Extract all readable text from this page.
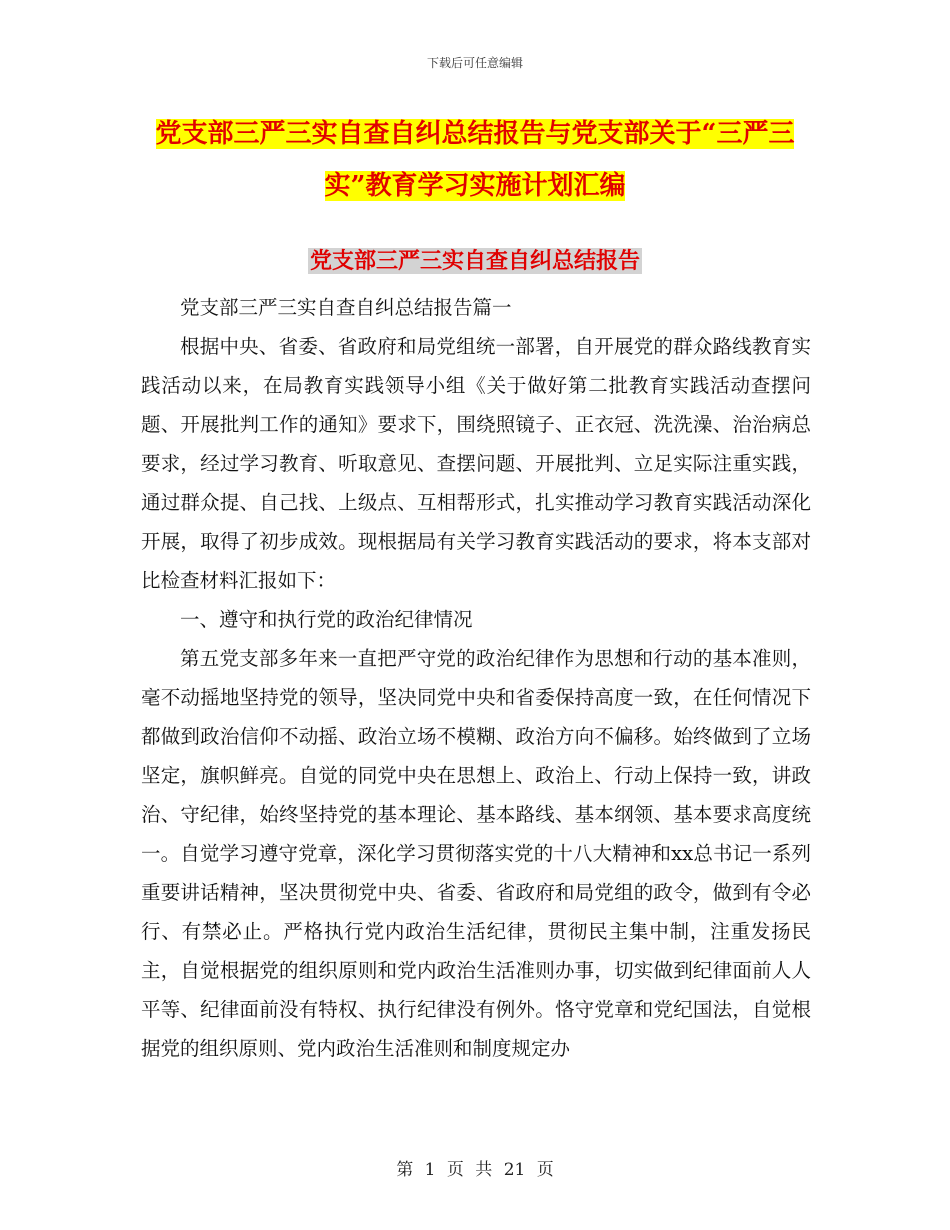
下载后可任意编辑
党支部三严三实自查自纠总结报告与党支部关于“三严三实”教育学习实施计划汇编
党支部三严三实自查自纠总结报告

党支部三严三实自查自纠总结报告篇一

根据中央、省委、省政府和局党组统一部署，自开展党的群众路线教育实践活动以来，在局教育实践领导小组《关于做好第二批教育实践活动查摆问题、开展批判工作的通知》要求下，围绕照镜子、正衣冠、洗洗澡、治治病总要求，经过学习教育、听取意见、查摆问题、开展批判、立足实际注重实践，通过群众提、自己找、上级点、互相帮形式，扎实推动学习教育实践活动深化开展，取得了初步成效。现根据局有关学习教育实践活动的要求，将本支部对比检查材料汇报如下：

一、遵守和执行党的政治纪律情况

第五党支部多年来一直把严守党的政治纪律作为思想和行动的基本准则，毫不动摇地坚持党的领导，坚决同党中央和省委保持高度一致，在任何情况下都做到政治信仰不动摇、政治立场不模糊、政治方向不偏移。始终做到了立场坚定，旗帜鲜亮。自觉的同党中央在思想上、政治上、行动上保持一致，讲政治、守纪律，始终坚持党的基本理论、基本路线、基本纲领、基本要求高度统一。自觉学习遵守党章，深化学习贯彻落实党的十八大精神和xx总书记一系列重要讲话精神，坚决贯彻党中央、省委、省政府和局党组的政令，做到有令必行、有禁必止。严格执行党内政治生活纪律，贯彻民主集中制，注重发扬民主，自觉根据党的组织原则和党内政治生活准则办事，切实做到纪律面前人人平等、纪律面前没有特权、执行纪律没有例外。恪守党章和党纪国法，自觉根据党的组织原则、党内政治生活准则和制度规定办

第 1 页 共 21 页
